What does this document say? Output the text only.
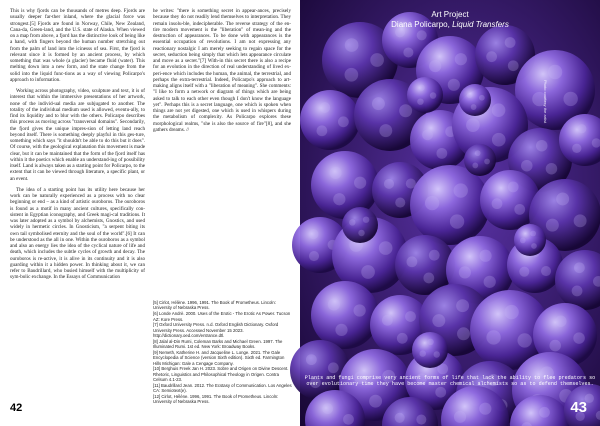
This is why fjords can be thousands of metres deep. Fjords are usually deeper far-ther inland, where the glacial force was strongest.[5] Fjords are found in Norway, Chile, New Zealand, Cana-da, Green-land, and the U.S. state of Alaska. When viewed on a map from above, a fjord has the distinctive look of being like a hand, with fingers beyond the human number stretching out from the palm of land into the icinesss of sea. First, the fjord is relevant since it is formed by an ancient process, by which something that was whole (a glacier) became fluid (water). This melting down into a new form, and the state change from the solid into the liquid func-tions as a way of viewing Policarpo's approach to information.

Working across photography, video, sculpture and text, it is of interest that within the immersive presentations of her artwork, none of the individ-ual media are subjugated to another. The totality of the individual medium used is allowed, eventu-ally, to find its liquidity and to blur with the others. Policarpo describes this process as moving across "transversal domains". Secondarily, the fjord gives the unique impres-sion of letting land reach beyond itself. There is something deeply playful in this ges-ture, something which says "it shouldn't be able to do this but it does". Of course, with the geological explanation this movement is made clear, but it can be maintained that the form of the fjord itself has within it the poetics which enable an understand-ing of possibility itself. Land is always taken as a starting point for Policarpo, to the extent that it can be viewed through literature, a specific plant, or an event.

The idea of a starting point has its utility here because her work can be naturally experienced as a process with no clear beginning or end – as a kind of artistic ouroboros. The ouroboros is found as a motif in many ancient cultures, specifically con-sistent in Egyptian iconography, and Greek magi-cal traditions. It was later adopted as a symbol by alchemists, Gnostics, and used widely in hermetic circles. In Gnosticism, "a serpent biting its own tail symbolised eternity and the soul of the world".[6] It can be understood as the all in one. Within the ouroboros as a symbol and also an energy lies the idea of the cyclical nature of life and death, which includes the subtle cycles of growth and decay. The ouroboros is re-active, it is alive in its continuity and it is also guarding within it a hidden power. In thinking about it, we can refer to Baudrillard, who busied himself with the multiplicity of sym-bolic exchange. In the Essays of Communication

he writes: "there is something secret in appear-ances, precisely because they do not readily lend themselves to interpretation. They remain insolu-ble, indecipherable. The reverse strategy of the en-tire modern movement is the "liberation" of mean-ing and the destruction of appearances. To be done with appearances is the essential occupation of revolutions. I am not expressing any reactionary nostalgic I am merely seeking to regain space for the secret, seduction being simply that which lets appearance circulate and move as a secret."[7] With-in this secret there is also a recipe for an evolution in the direction of real understanding of lived ex-peri-ence which includes the human, the animal, the terrestrial, and perhaps the extra-terrestrial. Indeed, Policarpo's approach to art-making aligns itself with a "liberation of meaning". She comments: "I like to form a network or diagram of things which are being asked to talk to each other even though I don't know the language yet". Perhaps this is a secret language, one which is spoken when things are not yet digested, one which is used in whispers during the metabolism of complexity. As Policarpo explores these morphological realms, "she is also the source of fire"[8], and she gathers dreams. //

[5] Cirlot, Hélène. 1996, 1991. The Book of Prometheus. Lincoln: University of Nebraska Press.
[6] Londe Andrè. 2000. Uses of the Erotic - The Erotic As Power. Tucson AZ: Kore Press.
[7] Oxford University Press. n.d. Oxford English Dictionary. Oxford University Press. Accessed November 15 2023. http://dictionary.oed.com/entrance.dtl.
[8] Jalal al-Din Rumi, Coleman Barks and Michael Green. 1997. The Illuminated Rumi. 1st ed. New York: Broadway Books.
[9] Nemeth, Katherine H. and Jacqueline L. Longe. 2021. The Gale Encyclopedia of Science (version Sixth edition). Sixth ed. Farmington Hills Michigan: Gale a Cengage Company.
[10] Berghuis Freek Jan H. 2023. Sobre and Origen on Divine Descent. Rhetoric, Linguistics and Philosophical Theology in Origen. Contra Celsum 4.1-23.
[11] Baudrillard Jean. 2012. The Ecstasy of Communication. Los Angeles CA: Semiotext(e).
[12] Cirlot, Hélène. 1996, 1991. The Book of Prometheus. Lincoln: University of Nebraska Press.
42
Art Project
Diana Policarpo, Liquid Transfers
Photo courtesy the artist
Plants and fungi comprise very ancient forms of life that lack the ability to flee predators so over evolutionary time they have become master chemical alchemists so as to defend themselves.
43
